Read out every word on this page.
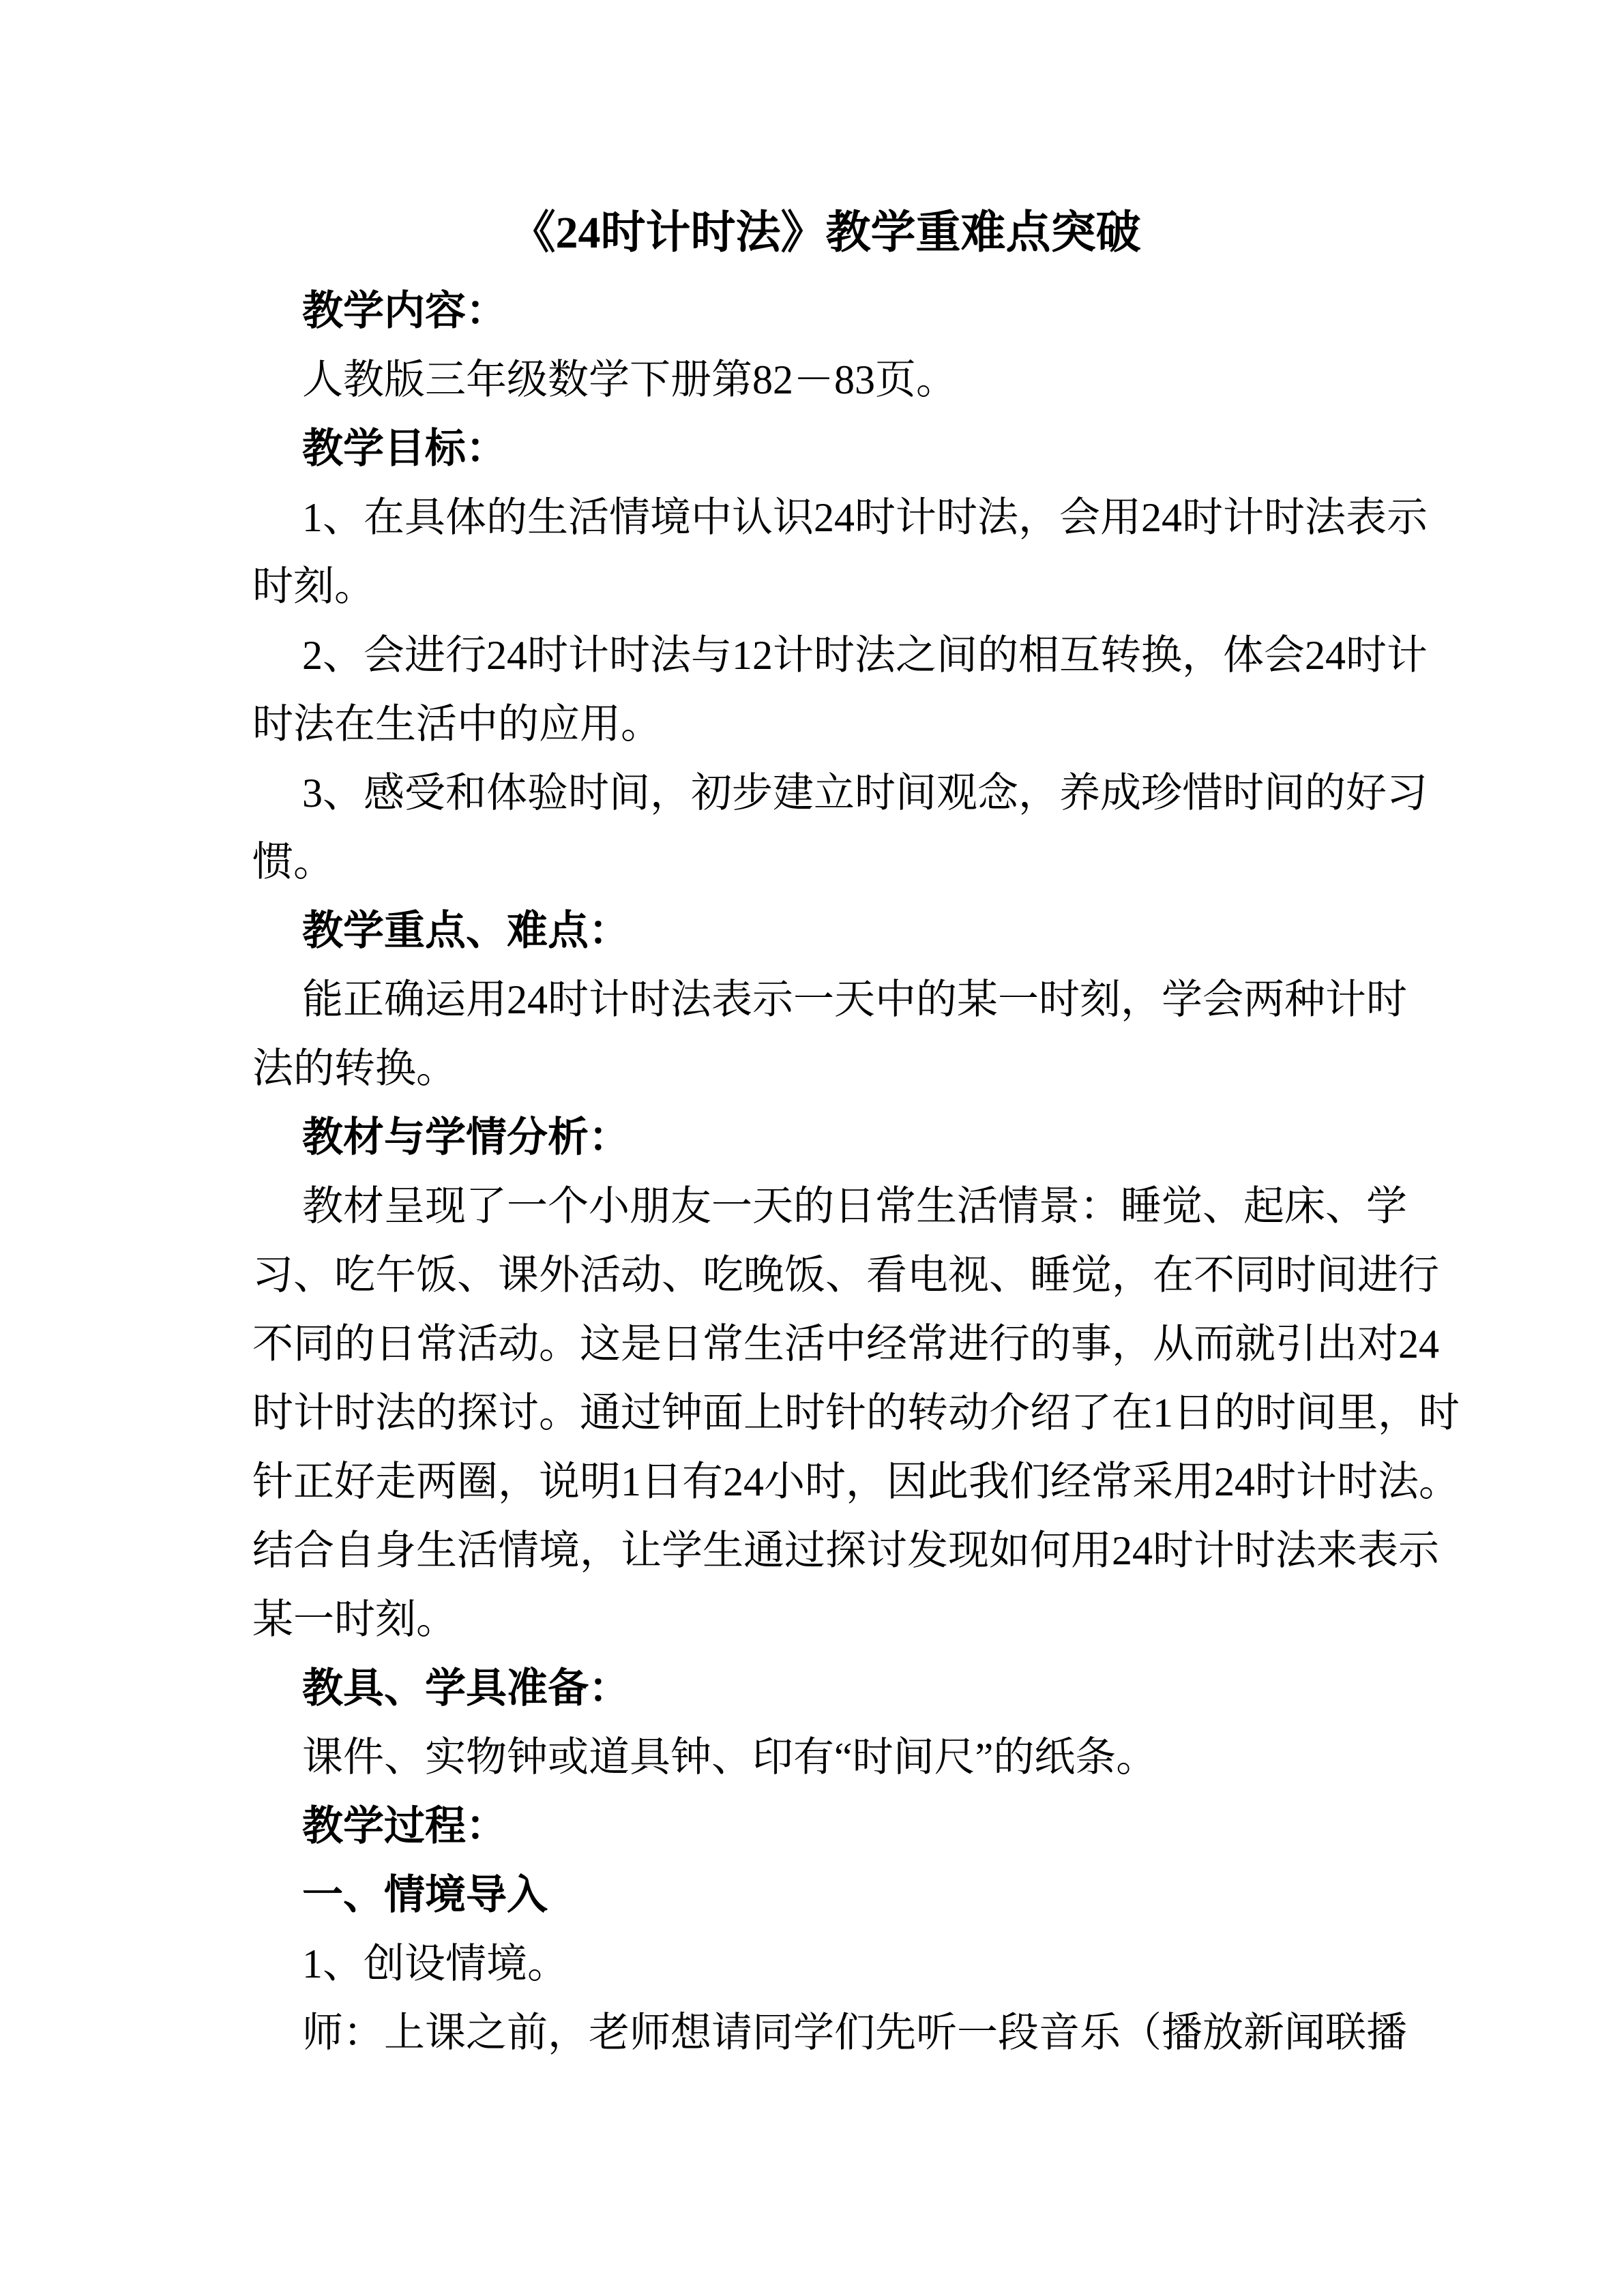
《24时计时法》教学重难点突破
教学内容：
人教版三年级数学下册第82－83页。
教学目标：
1、在具体的生活情境中认识24时计时法，会用24时计时法表示
时刻。
2、会进行24时计时法与12计时法之间的相互转换，体会24时计
时法在生活中的应用。
3、感受和体验时间，初步建立时间观念，养成珍惜时间的好习
惯。
教学重点、难点：
能正确运用24时计时法表示一天中的某一时刻，学会两种计时
法的转换。
教材与学情分析：
教材呈现了一个小朋友一天的日常生活情景：睡觉、起床、学
习、吃午饭、课外活动、吃晚饭、看电视、睡觉，在不同时间进行
不同的日常活动。这是日常生活中经常进行的事，从而就引出对24
时计时法的探讨。通过钟面上时针的转动介绍了在1日的时间里，时
针正好走两圈，说明1日有24小时，因此我们经常采用24时计时法。
结合自身生活情境，让学生通过探讨发现如何用24时计时法来表示
某一时刻。
教具、学具准备：
课件、实物钟或道具钟、印有“时间尺”的纸条。
教学过程：
一、情境导入
1、创设情境。
师：上课之前，老师想请同学们先听一段音乐（播放新闻联播
